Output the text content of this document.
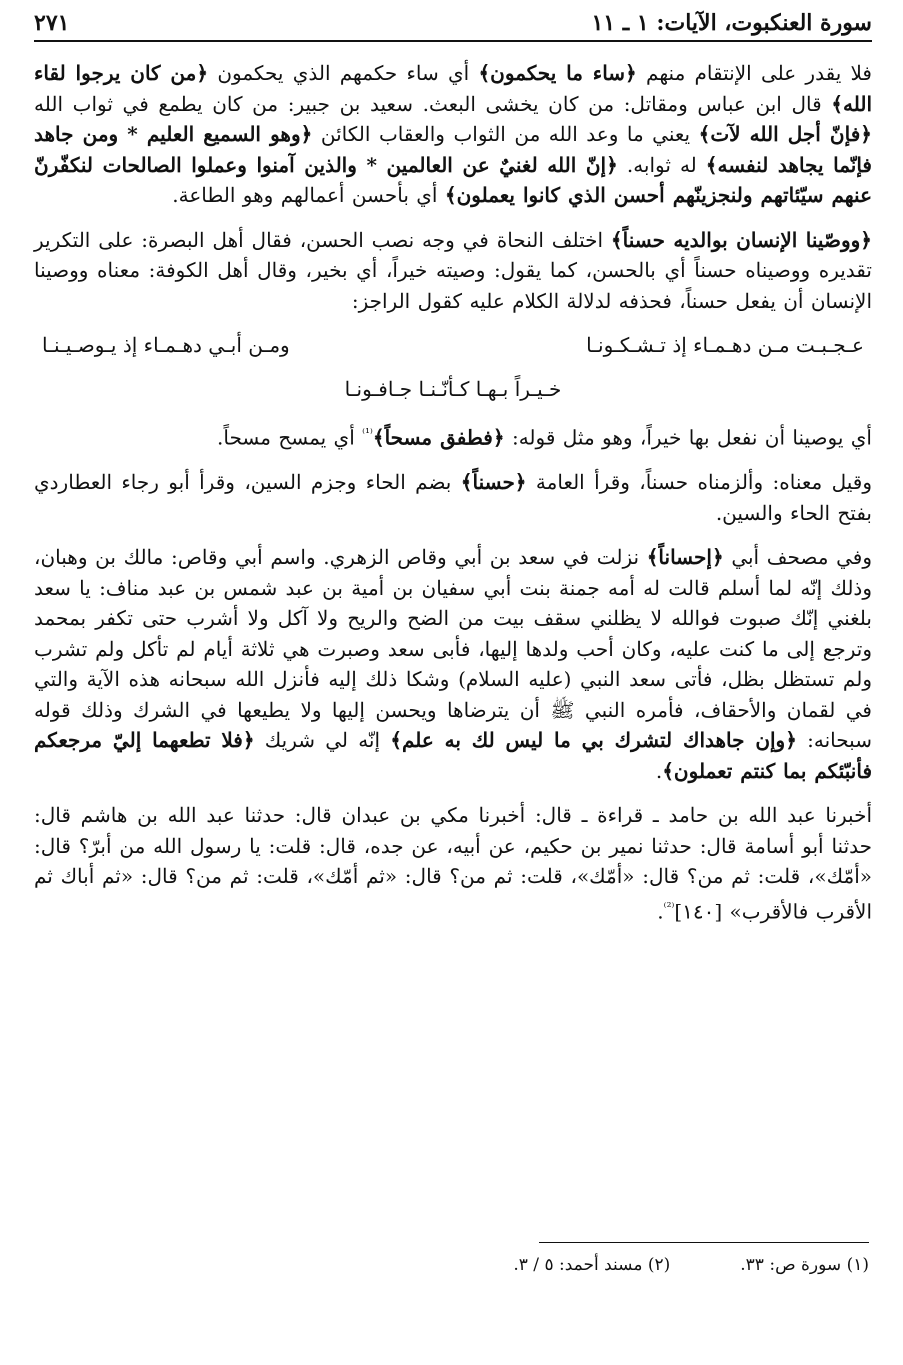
سورة العنكبوت، الآيات: ١ ـ ١١
٢٧١

فلا يقدر على الإنتقام منهم ﴿ساء ما يحكمون﴾ أي ساء حكمهم الذي يحكمون ﴿من كان يرجوا لقاء الله﴾ قال ابن عباس ومقاتل: من كان يخشى البعث. سعيد بن جبير: من كان يطمع في ثواب الله ﴿فإنّ أجل الله لآت﴾ يعني ما وعد الله من الثواب والعقاب الكائن ﴿وهو السميع العليم * ومن جاهد فإنّما يجاهد لنفسه﴾ له ثوابه. ﴿إنّ الله لغنيٌ عن العالمين * والذين آمنوا وعملوا الصالحات لنكفّرنّ عنهم سيّئاتهم ولنجزينّهم أحسن الذي كانوا يعملون﴾ أي بأحسن أعمالهم وهو الطاعة.

﴿ووصّينا الإنسان بوالديه حسناً﴾ اختلف النحاة في وجه نصب الحسن، فقال أهل البصرة: على التكرير تقديره ووصيناه حسناً أي بالحسن، كما يقول: وصيته خيراً، أي بخير، وقال أهل الكوفة: معناه ووصينا الإنسان أن يفعل حسناً، فحذفه لدلالة الكلام عليه كقول الراجز:

عـجـبـت مـن دهـمـاء إذ تـشـكـونـا
ومـن أبـي دهـمـاء إذ يـوصـيـنـا
خـيـراً بـهـا كـأنّـنـا جـافـونـا

أي يوصينا أن نفعل بها خيراً، وهو مثل قوله: ﴿فطفق مسحاً﴾$^{^{(1)}}$ أي يمسح مسحاً.

وقيل معناه: وألزمناه حسناً، وقرأ العامة ﴿حسناً﴾ بضم الحاء وجزم السين، وقرأ أبو رجاء العطاردي بفتح الحاء والسين.

وفي مصحف أبي ﴿إحساناً﴾ نزلت في سعد بن أبي وقاص الزهري. واسم أبي وقاص: مالك بن وهبان، وذلك إنّه لما أسلم قالت له أمه جمنة بنت أبي سفيان بن أمية بن عبد شمس بن عبد مناف: يا سعد بلغني إنّك صبوت فوالله لا يظلني سقف بيت من الضح والريح ولا آكل ولا أشرب حتى تكفر بمحمد وترجع إلى ما كنت عليه، وكان أحب ولدها إليها، فأبى سعد وصبرت هي ثلاثة أيام لم تأكل ولم تشرب ولم تستظل بظل، فأتى سعد النبي (عليه السلام) وشكا ذلك إليه فأنزل الله سبحانه هذه الآية والتي في لقمان والأحقاف، فأمره النبي ﷺ أن يترضاها ويحسن إليها ولا يطيعها في الشرك وذلك قوله سبحانه: ﴿وإن جاهداك لتشرك بي ما ليس لك به علم﴾ إنّه لي شريك ﴿فلا تطعهما إليّ مرجعكم فأنبّئكم بما كنتم تعملون﴾.

أخبرنا عبد الله بن حامد ـ قراءة ـ قال: أخبرنا مكي بن عبدان قال: حدثنا عبد الله بن هاشم قال: حدثنا أبو أسامة قال: حدثنا نمير بن حكيم، عن أبيه، عن جده، قال: قلت: يا رسول الله من أبرّ؟ قال: «أمّك»، قلت: ثم من؟ قال: «أمّك»، قلت: ثم من؟ قال: «ثم أمّك»، قلت: ثم من؟ قال: «ثم أباك ثم الأقرب فالأقرب» [١٤٠]$^{^{(2)}}$.

(١) سورة ص: ٣٣.
(٢) مسند أحمد: ٥ / ٣.
